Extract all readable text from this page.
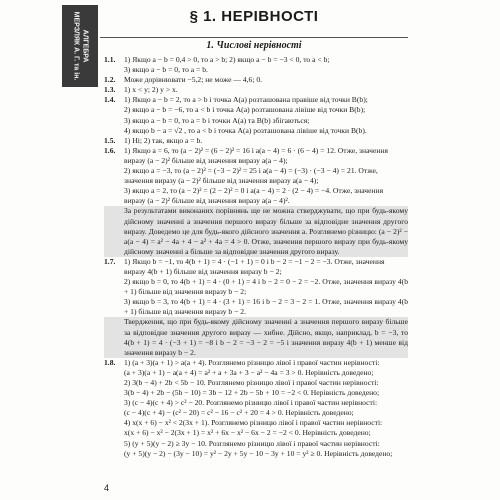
АЛГЕБРА
МЕРЗЛЯК А. Г. та ін.	§ 1. НЕРІВНОСТІ
1. Числові нерівності
1.1. 1) Якщо a − b = 0,4 > 0, то a > b; 2) якщо a − b = −3 < 0, то a < b;
3) якщо a − b = 0, то a = b.
1.2. Може дорівнювати −5,2; не може — 4,6; 0.
1.3. 1) x < y; 2) y > x.
1.4. 1) Якщо a − b = 2, то a > b і точка A(a) розташована правіше від точки B(b);
2) якщо a − b = −6, то a < b і точка A(a) розташована лівіше від точки B(b);
3) якщо a − b = 0, то a = b і точки A(a) та B(b) збігаються;
4) якщо b − a = √2 , то a < b і точка A(a) розташована лівіше від точки B(b).
1.5. 1) Ні; 2) так, якщо a = b.
1.6. 1) Якщо a = 6, то (a − 2)² = (6 − 2)² = 16 і a(a − 4) = 6 · (6 − 4) = 12. Отже, значення
виразу (a − 2)² більше від значення виразу a(a − 4);
2) якщо a = −3, то (a − 2)² = (−3 − 2)² = 25 і a(a − 4) = (−3) · (−3 − 4) = 21. Отже,
значення виразу (a − 2)² більше від значення виразу a(a − 4);
3) якщо a = 2, то (a − 2)² = (2 − 2)² = 0 і a(a − 4) = 2 · (2 − 4) = −4. Отже, значення
виразу (a − 2)² більше від значення виразу a(a − 4)².
За результатами виконаних порівнянь ще не можна стверджувати, що при будь-якому дійсному значенні a значення першого виразу більше за відповідне значення другого виразу. Доведемо це для будь-якого дійсного значення a. Розглянемо різницю: (a − 2)² − a(a − 4) = a² − 4a + 4 − a² + 4a = 4 > 0. Отже, значення першого виразу при будь-якому дійсному значенні a більше за відповідне значення другого виразу.
1.7. 1) Якщо b = −1, то 4(b + 1) = 4 · (−1 + 1) = 0 і b − 2 = −1 − 2 = −3. Отже, значення
виразу 4(b + 1) більше від значення виразу b − 2;
2) якщо b = 0, то 4(b + 1) = 4 · (0 + 1) = 4 і b − 2 = 0 − 2 = −2. Отже, значення виразу 4(b + 1) більше від значення виразу b − 2;
3) якщо b = 3, то 4(b + 1) = 4 · (3 + 1) = 16 і b − 2 = 3 − 2 = 1. Отже, значення виразу 4(b + 1) більше від значення виразу b − 2.
Твердження, що при будь-якому дійсному значенні a значення першого виразу більше за відповідне значення другого виразу — хибне. Дійсно, якщо, наприклад, b = −3, то 4(b + 1) = 4 · (−3 + 1) = −8 і b − 2 = −3 − 2 = −5 і значення виразу 4(b + 1) менше від значення виразу b − 2.
1.8. 1) (a + 3)(a + 1) > a(a + 4). Розглянемо різницю лівої і правої частин нерівності:
(a + 3)(a + 1) − a(a + 4) = a² + a + 3a + 3 − a² − 4a = 3 > 0. Нерівність доведено;
2) 3(b − 4) + 2b < 5b − 10. Розглянемо різницю лівої і правої частин нерівності:
3(b − 4) + 2b − (5b − 10) = 3b − 12 + 2b − 5b + 10 = −2 < 0. Нерівність доведено;
3) (c − 4)(c + 4) > c² − 20. Розглянемо різницю лівої і правої частин нерівності:
(c − 4)(c + 4) − (c² − 20) = c² − 16 − c² + 20 = 4 > 0. Нерівність доведено;
4) x(x + 6) − x² < 2(3x + 1). Розглянемо різницю лівої і правої частин нерівності:
x(x + 6) − x² − 2(3x + 1) = x² + 6x − x² − 6x − 2 = −2 < 0. Нерівність доведено;
5) (y + 5)(y − 2) ≥ 3y − 10. Розглянемо різницю лівої і правої частин нерівності:
(y + 5)(y − 2) − (3y − 10) = y² − 2y + 5y − 10 − 3y + 10 = y² ≥ 0. Нерівність доведено;
4
